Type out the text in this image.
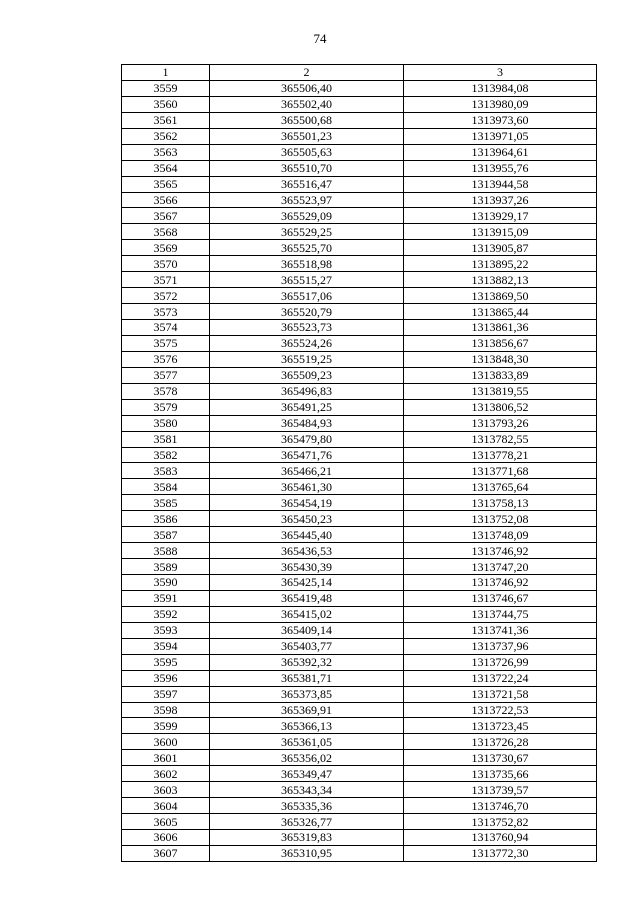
74
1	2	3
3559	365506,40	1313984,08
3560	365502,40	1313980,09
3561	365500,68	1313973,60
3562	365501,23	1313971,05
3563	365505,63	1313964,61
3564	365510,70	1313955,76
3565	365516,47	1313944,58
3566	365523,97	1313937,26
3567	365529,09	1313929,17
3568	365529,25	1313915,09
3569	365525,70	1313905,87
3570	365518,98	1313895,22
3571	365515,27	1313882,13
3572	365517,06	1313869,50
3573	365520,79	1313865,44
3574	365523,73	1313861,36
3575	365524,26	1313856,67
3576	365519,25	1313848,30
3577	365509,23	1313833,89
3578	365496,83	1313819,55
3579	365491,25	1313806,52
3580	365484,93	1313793,26
3581	365479,80	1313782,55
3582	365471,76	1313778,21
3583	365466,21	1313771,68
3584	365461,30	1313765,64
3585	365454,19	1313758,13
3586	365450,23	1313752,08
3587	365445,40	1313748,09
3588	365436,53	1313746,92
3589	365430,39	1313747,20
3590	365425,14	1313746,92
3591	365419,48	1313746,67
3592	365415,02	1313744,75
3593	365409,14	1313741,36
3594	365403,77	1313737,96
3595	365392,32	1313726,99
3596	365381,71	1313722,24
3597	365373,85	1313721,58
3598	365369,91	1313722,53
3599	365366,13	1313723,45
3600	365361,05	1313726,28
3601	365356,02	1313730,67
3602	365349,47	1313735,66
3603	365343,34	1313739,57
3604	365335,36	1313746,70
3605	365326,77	1313752,82
3606	365319,83	1313760,94
3607	365310,95	1313772,30
